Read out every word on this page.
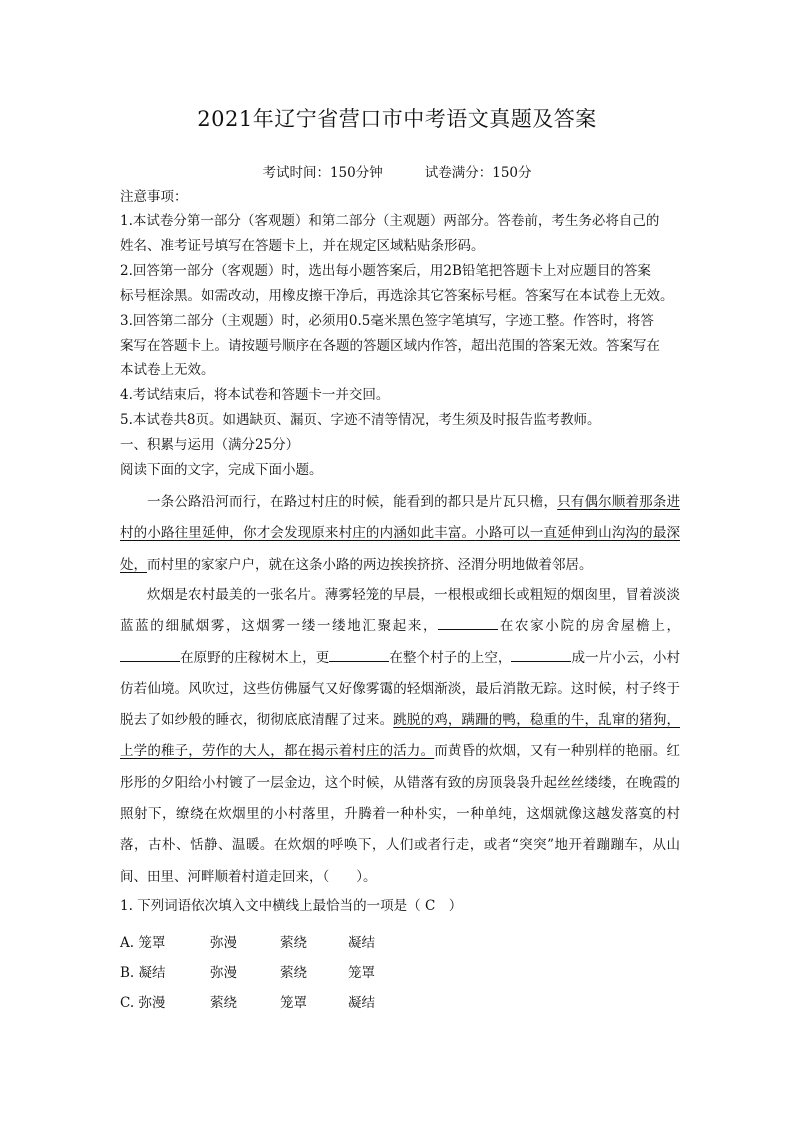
2021年辽宁省营口市中考语文真题及答案
考试时间：150分钟	试卷满分：150分
注意事项：
1.本试卷分第一部分（客观题）和第二部分（主观题）两部分。答卷前，考生务必将自己的
姓名、准考证号填写在答题卡上，并在规定区域粘贴条形码。
2.回答第一部分（客观题）时，选出每小题答案后，用2B铅笔把答题卡上对应题目的答案
标号框涂黑。如需改动，用橡皮擦干净后，再选涂其它答案标号框。答案写在本试卷上无效。
3.回答第二部分（主观题）时，必须用0.5毫米黑色签字笔填写，字迹工整。作答时，将答
案写在答题卡上。请按题号顺序在各题的答题区域内作答，超出范围的答案无效。答案写在
本试卷上无效。
4.考试结束后，将本试卷和答题卡一并交回。
5.本试卷共8页。如遇缺页、漏页、字迹不清等情况，考生须及时报告监考教师。
一、积累与运用（满分25分）
阅读下面的文字，完成下面小题。
一条公路沿河而行，在路过村庄的时候，能看到的都只是片瓦只檐，只有偶尔顺着那条进村的小路往里延伸，你才会发现原来村庄的内涵如此丰富。小路可以一直延伸到山沟沟的最深处，而村里的家家户户，就在这条小路的两边挨挨挤挤、泾渭分明地做着邻居。
炊烟是农村最美的一张名片。薄雾轻笼的早晨，一根根或细长或粗短的烟囱里，冒着淡淡蓝蓝的细腻烟雾，这烟雾一缕一缕地汇聚起来，	在农家小院的房舍屋檐上，在原野的庄稼树木上，更	在整个村子的上空，	成一片小云，小村仿若仙境。风吹过，这些仿佛蜃气又好像雾霭的轻烟渐淡，最后消散无踪。这时候，村子终于脱去了如纱般的睡衣，彻彻底底清醒了过来。跳脱的鸡，蹒跚的鸭，稳重的牛，乱窜的猪狗，上学的稚子，劳作的大人，都在揭示着村庄的活力。而黄昏的炊烟，又有一种别样的艳丽。红彤彤的夕阳给小村镀了一层金边，这个时候，从错落有致的房顶袅袅升起丝丝缕缕，在晚霞的照射下，缭绕在炊烟里的小村落里，升腾着一种朴实，一种单纯，这烟就像这越发落寞的村落，古朴、恬静、温暖。在炊烟的呼唤下，人们或者行走，或者“突突”地开着蹦蹦车，从山间、田里、河畔顺着村道走回来，（　　）。
1. 下列词语依次填入文中横线上最恰当的一项是（ C　）
A. 笼罩	弥漫	萦绕	凝结
B. 凝结	弥漫	萦绕	笼罩
C. 弥漫	萦绕	笼罩	凝结
